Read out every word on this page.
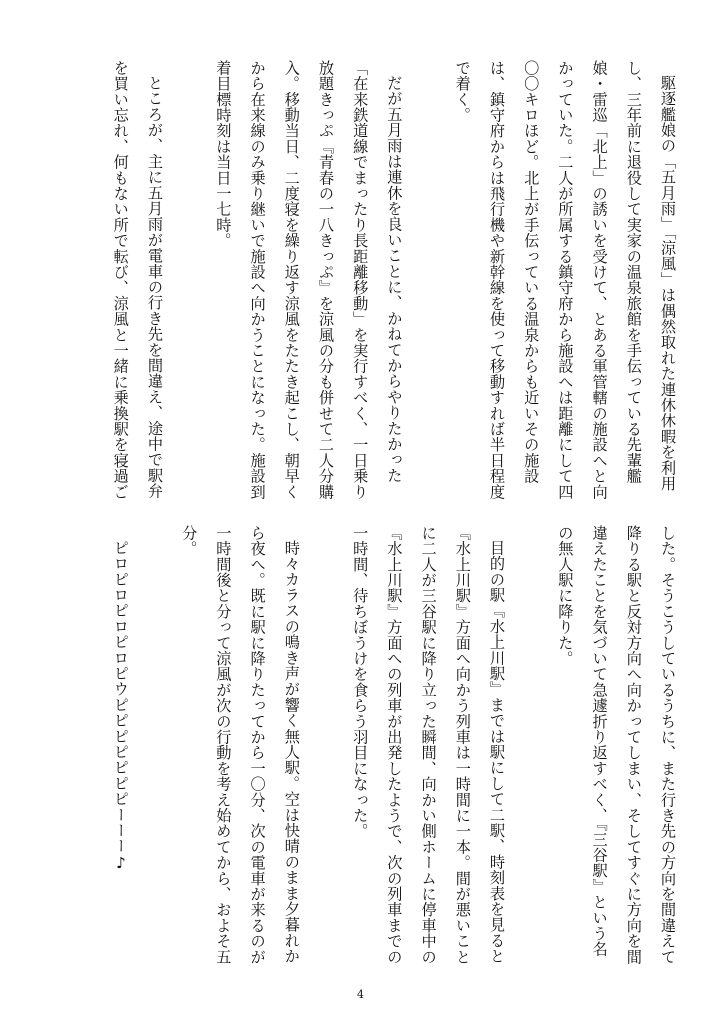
駆逐艦娘の「五月雨」「涼風」は偶然取れた連休休暇を利用し、三年前に退役して実家の温泉旅館を手伝っている先輩艦娘・雷巡「北上」の誘いを受けて、とある軍管轄の施設へと向かっていた。二人が所属する鎮守府から施設へは距離にして四〇〇キロほど。北上が手伝っている温泉からも近いその施設は、鎮守府からは飛行機や新幹線を使って移動すれば半日程度で着く。

だが五月雨は連休を良いことに、かねてからやりたかった「在来鉄道線でまったり長距離移動」を実行すべく、一日乗り放題きっぷ『青春の一八きっぷ』を涼風の分も併せて二人分購入。移動当日、二度寝を繰り返す涼風をたたき起こし、朝早くから在来線のみ乗り継いで施設へ向かうことになった。施設到着目標時刻は当日一七時。

ところが、主に五月雨が電車の行き先を間違え、途中で駅弁を買い忘れ、何もない所で転び、涼風と一緒に乗換駅を寝過ご

した。そうこうしているうちに、また行き先の方向を間違えて降りる駅と反対方向へ向かってしまい、そしてすぐに方向を間違えたことを気づいて急遽折り返すべく、『三谷駅』という名の無人駅に降りた。

目的の駅『水上川駅』までは駅にして二駅、時刻表を見ると『水上川駅』方面へ向かう列車は一時間に一本。間が悪いことに二人が三谷駅に降り立った瞬間、向かい側ホームに停車中の『水上川駅』方面への列車が出発したようで、次の列車までの一時間、待ちぼうけを食らう羽目になった。

時々カラスの鳴き声が響く無人駅。空は快晴のまま夕暮れから夜へ。既に駅に降りたってから一〇分、次の電車が来るのが一時間後と分って涼風が次の行動を考え始めてから、およそ五分。

ピロピロピロピロピウピピピピピピピーーー♪

4
